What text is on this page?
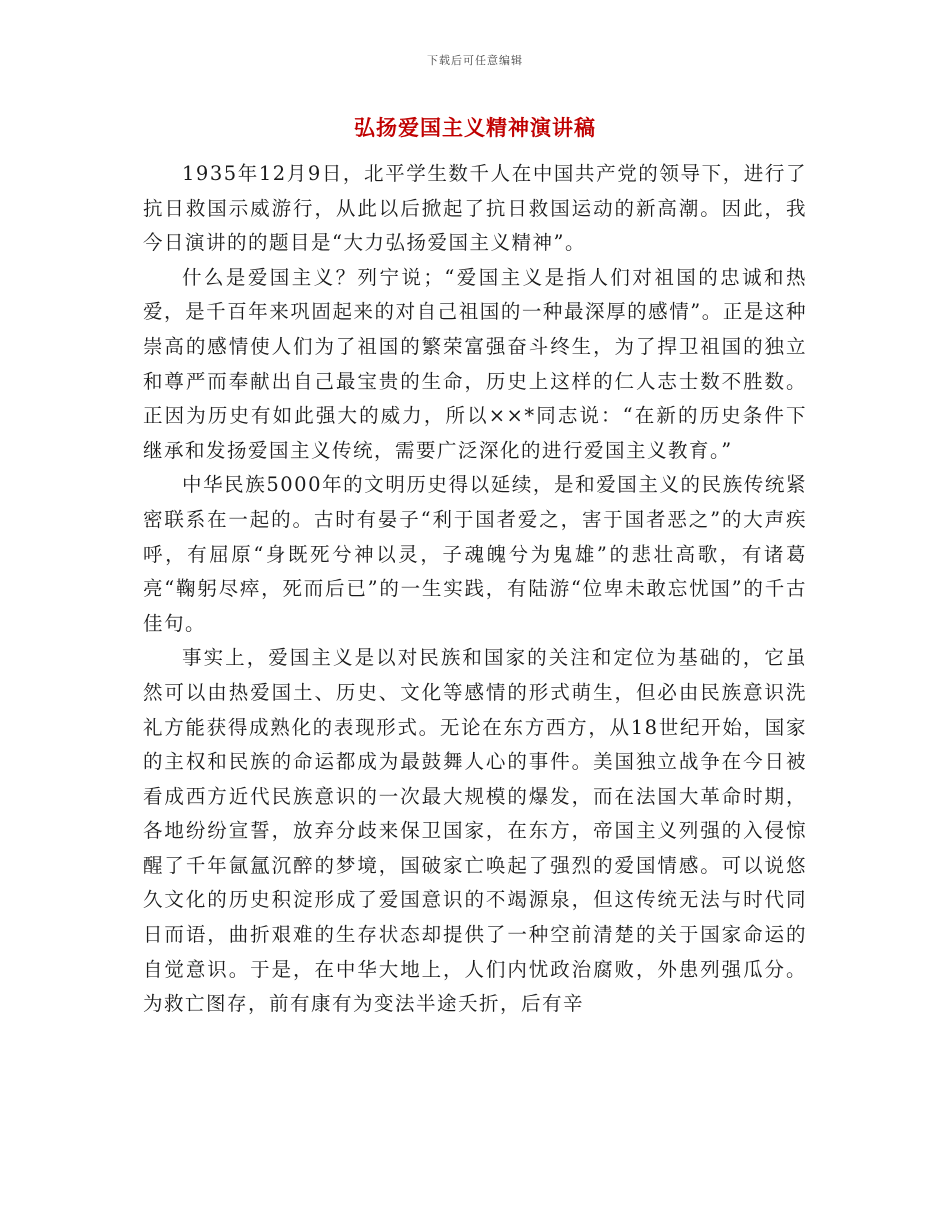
下载后可任意编辑
弘扬爱国主义精神演讲稿

1935年12月9日，北平学生数千人在中国共产党的领导下，进行了抗日救国示威游行，从此以后掀起了抗日救国运动的新高潮。因此，我今日演讲的的题目是“大力弘扬爱国主义精神”。

什么是爱国主义？列宁说；“爱国主义是指人们对祖国的忠诚和热爱，是千百年来巩固起来的对自己祖国的一种最深厚的感情”。正是这种崇高的感情使人们为了祖国的繁荣富强奋斗终生，为了捍卫祖国的独立和尊严而奉献出自己最宝贵的生命，历史上这样的仁人志士数不胜数。正因为历史有如此强大的威力，所以××*同志说：“在新的历史条件下继承和发扬爱国主义传统，需要广泛深化的进行爱国主义教育。”

中华民族5000年的文明历史得以延续，是和爱国主义的民族传统紧密联系在一起的。古时有晏子“利于国者爱之，害于国者恶之”的大声疾呼，有屈原“身既死兮神以灵，子魂魄兮为鬼雄”的悲壮高歌，有诸葛亮“鞠躬尽瘁，死而后已”的一生实践，有陆游“位卑未敢忘忧国”的千古佳句。

事实上，爱国主义是以对民族和国家的关注和定位为基础的，它虽然可以由热爱国土、历史、文化等感情的形式萌生，但必由民族意识洗礼方能获得成熟化的表现形式。无论在东方西方，从18世纪开始，国家的主权和民族的命运都成为最鼓舞人心的事件。美国独立战争在今日被看成西方近代民族意识的一次最大规模的爆发，而在法国大革命时期，各地纷纷宣誓，放弃分歧来保卫国家，在东方，帝国主义列强的入侵惊醒了千年氤氲沉醉的梦境，国破家亡唤起了强烈的爱国情感。可以说悠久文化的历史积淀形成了爱国意识的不竭源泉，但这传统无法与时代同日而语，曲折艰难的生存状态却提供了一种空前清楚的关于国家命运的自觉意识。于是，在中华大地上，人们内忧政治腐败，外患列强瓜分。为救亡图存，前有康有为变法半途夭折，后有辛
